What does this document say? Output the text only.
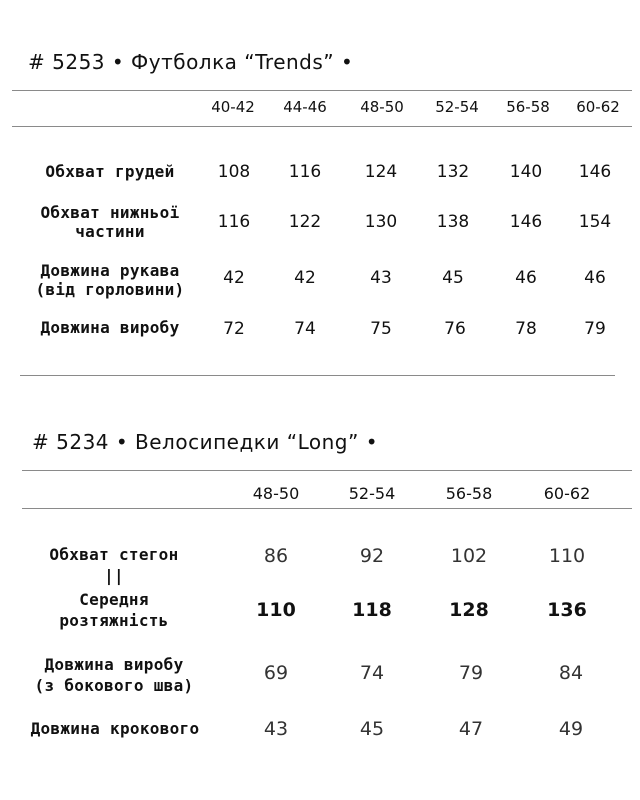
# 5253 • Футболка “Trends” •
40-42	44-46	48-50	52-54	56-58	60-62
Обхват грудей	108	116	124	132	140	146
Обхват нижньої
частини	116	122	130	138	146	154
Довжина рукава
(від горловини)
42	42	43	45	46	46
Довжина виробу	72	74	75	76	78	79
# 5234 • Велосипедки “Long” •
48-50	52-54	56-58	60-62
Обхват стегон	86	92	102	110
||
Середня
розтяжність	110	118	128	136
Довжина виробу
(з бокового шва)
69	74	79	84
Довжина крокового	43	45	47	49
